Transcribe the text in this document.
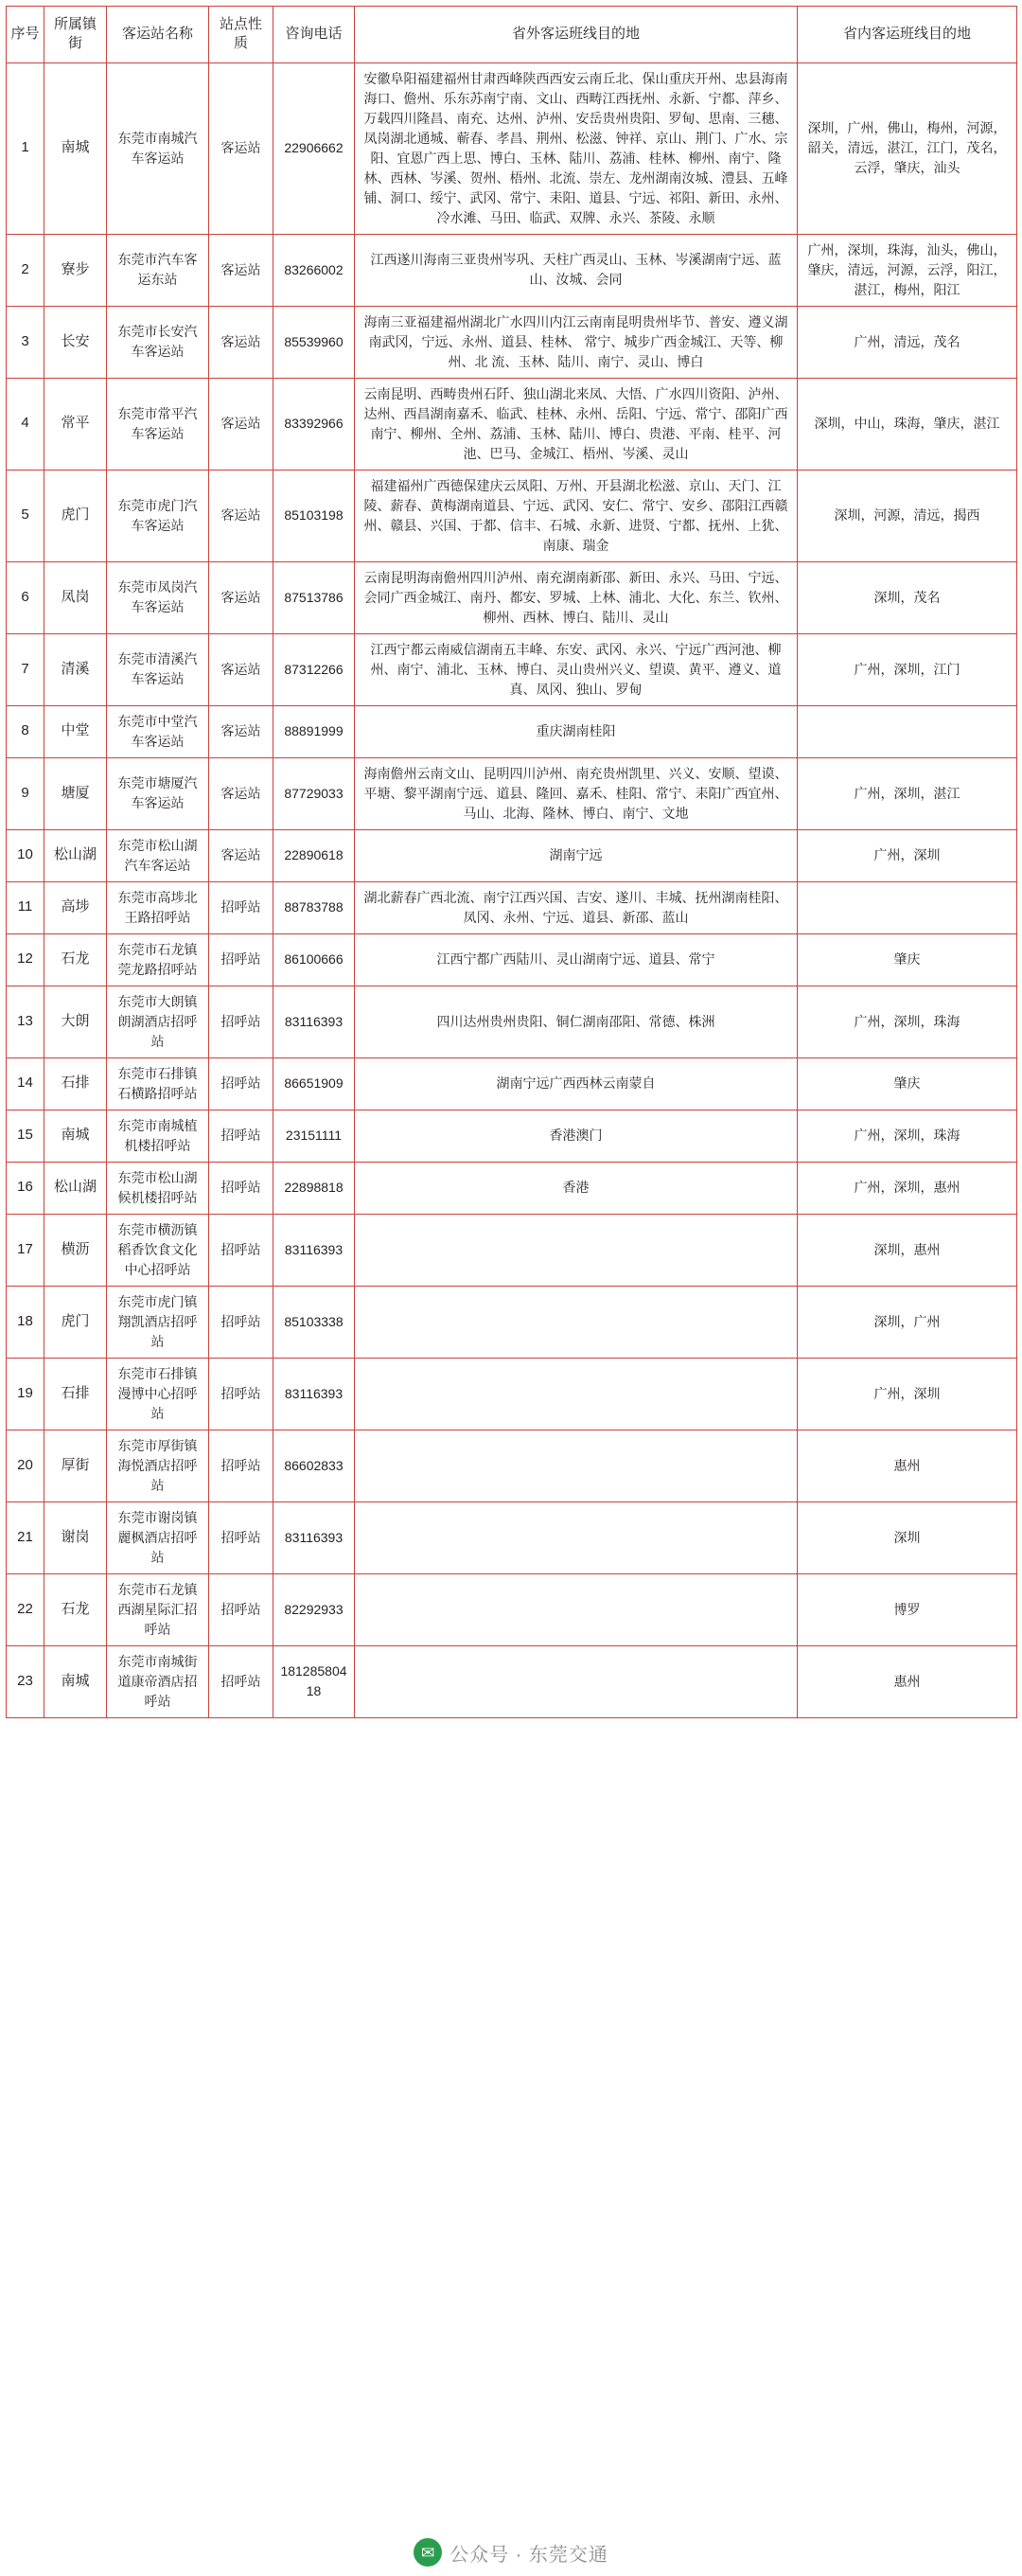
序号	所属镇街	客运站名称	站点性质	咨询电话	省外客运班线目的地	省内客运班线目的地
1	南城	东莞市南城汽车客运站	客运站	22906662	安徽阜阳福建福州甘肃西峰陕西西安云南丘北、保山重庆开州、忠县海南海口、儋州、乐东苏南宁南、文山、西畴江西抚州、永新、宁都、萍乡、万载四川隆昌、南充、达州、泸州、安岳贵州贵阳、罗甸、思南、三穗、凤岗湖北通城、蕲春、孝昌、荆州、松滋、钟祥、京山、荆门、广水、宗阳、宜恩广西上思、博白、玉林、陆川、荔浦、桂林、柳州、南宁、隆林、西林、岑溪、贺州、梧州、北流、崇左、龙州湖南汝城、澧县、五峰铺、洞口、绥宁、武冈、常宁、耒阳、道县、宁远、祁阳、新田、永州、冷水滩、马田、临武、双牌、永兴、茶陵、永顺	深圳，广州，佛山，梅州，河源，韶关，清远，湛江，江门，茂名，云浮，肇庆，汕头
2	寮步	东莞市汽车客运东站	客运站	83266002	江西遂川海南三亚贵州岑巩、天柱广西灵山、玉林、岑溪湖南宁远、蓝山、汝城、会同	广州，深圳，珠海，汕头，佛山，肇庆，清远，河源，云浮，阳江，湛江，梅州，阳江
3	长安	东莞市长安汽车客运站	客运站	85539960	海南三亚福建福州湖北广水四川内江云南南昆明贵州毕节、普安、遵义湖南武冈，宁远、永州、道县、桂林、 常宁、城步广西金城江、天等、柳州、北 流、玉林、陆川、南宁、灵山、博白	广州，清远，茂名
4	常平	东莞市常平汽车客运站	客运站	83392966	云南昆明、西畴贵州石阡、独山湖北来凤、大悟、广水四川资阳、泸州、达州、西昌湖南嘉禾、临武、桂林、永州、岳阳、宁远、常宁、邵阳广西南宁、柳州、全州、荔浦、玉林、陆川、博白、贵港、平南、桂平、河池、巴马、金城江、梧州、岑溪、灵山	深圳，中山，珠海，肇庆，湛江
5	虎门	东莞市虎门汽车客运站	客运站	85103198	福建福州广西德保建庆云凤阳、万州、开县湖北松滋、京山、天门、江陵、薪春、黄梅湖南道县、宁远、武冈、安仁、常宁、安乡、邵阳江西赣州、赣县、兴国、于都、信丰、石城、永新、进贤、宁都、抚州、上犹、南康、瑞金	深圳，河源，清远，揭西
6	凤岗	东莞市凤岗汽车客运站	客运站	87513786	云南昆明海南儋州四川泸州、南充湖南新邵、新田、永兴、马田、宁远、会同广西金城江、南丹、都安、罗城、上林、浦北、大化、东兰、钦州、柳州、西林、博白、陆川、灵山	深圳，茂名
7	清溪	东莞市清溪汽车客运站	客运站	87312266	江西宁都云南威信湖南五丰峰、东安、武冈、永兴、宁远广西河池、柳州、南宁、浦北、玉林、博白、灵山贵州兴义、望谟、黄平、遵义、道真、凤冈、独山、罗甸	广州，深圳，江门
8	中堂	东莞市中堂汽车客运站	客运站	88891999	重庆湖南桂阳	
9	塘厦	东莞市塘厦汽车客运站	客运站	87729033	海南儋州云南文山、昆明四川泸州、南充贵州凯里、兴义、安顺、望谟、平塘、黎平湖南宁远、道县、隆回、嘉禾、桂阳、常宁、耒阳广西宜州、马山、北海、隆林、博白、南宁、文地	广州，深圳，湛江
10	松山湖	东莞市松山湖汽车客运站	客运站	22890618	湖南宁远	广州，深圳
11	高埗	东莞市高埗北王路招呼站	招呼站	88783788	湖北薪春广西北流、南宁江西兴国、吉安、遂川、丰城、抚州湖南桂阳、凤冈、永州、宁远、道县、新邵、蓝山	
12	石龙	东莞市石龙镇莞龙路招呼站	招呼站	86100666	江西宁都广西陆川、灵山湖南宁远、道县、常宁	肇庆
13	大朗	东莞市大朗镇朗湖酒店招呼站	招呼站	83116393	四川达州贵州贵阳、铜仁湖南邵阳、常德、株洲	广州，深圳，珠海
14	石排	东莞市石排镇石横路招呼站	招呼站	86651909	湖南宁远广西西林云南蒙自	肇庆
15	南城	东莞市南城植机楼招呼站	招呼站	23151111	香港澳门	广州，深圳，珠海
16	松山湖	东莞市松山湖候机楼招呼站	招呼站	22898818	香港	广州，深圳，惠州
17	横沥	东莞市横沥镇稻香饮食文化中心招呼站	招呼站	83116393		深圳，惠州
18	虎门	东莞市虎门镇翔凯酒店招呼站	招呼站	85103338		深圳，广州
19	石排	东莞市石排镇漫博中心招呼站	招呼站	83116393		广州，深圳
20	厚街	东莞市厚街镇海悦酒店招呼站	招呼站	86602833		惠州
21	谢岗	东莞市谢岗镇麗枫酒店招呼站	招呼站	83116393		深圳
22	石龙	东莞市石龙镇西湖星际汇招呼站	招呼站	82292933		博罗
23	南城	东莞市南城街道康帝酒店招呼站	招呼站	18128580418		惠州
✉ 公众号 · 东莞交通
